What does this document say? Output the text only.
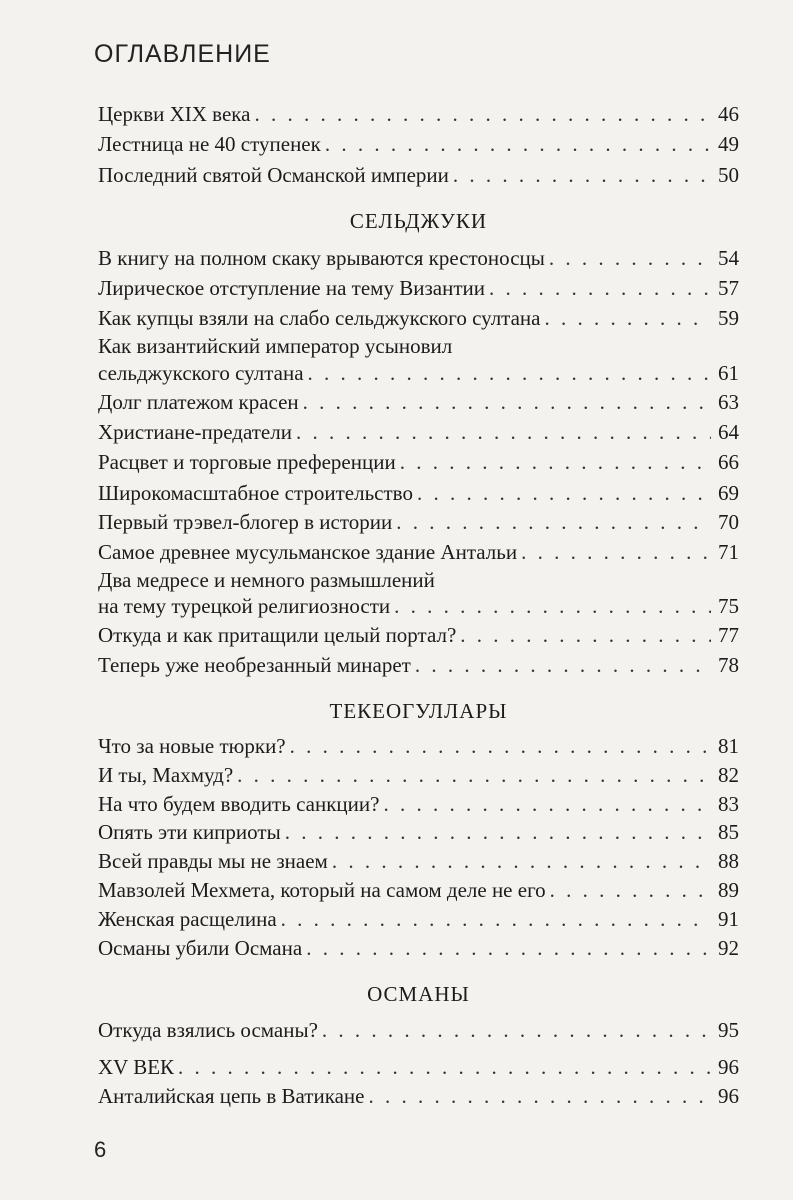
ОГЛАВЛЕНИЕ
Церкви XIX века . . .	46
Лестница не 40 ступенек . . .	49
Последний святой Османской империи . . .	50
СЕЛЬДЖУКИ
В книгу на полном скаку врываются крестоносцы . . .	54
Лирическое отступление на тему Византии . . .	57
Как купцы взяли на слабо сельджукского султана . . .	59
Как византийский император усыновил
сельджукского султана . . .	61
Долг платежом красен . . .	63
Христиане-предатели . . .	64
Расцвет и торговые преференции . . .	66
Широкомасштабное строительство . . .	69
Первый трэвел-блогер в истории . . .	70
Самое древнее мусульманское здание Антальи . . .	71
Два медресе и немного размышлений
на тему турецкой религиозности . . .	75
Откуда и как притащили целый портал? . . .	77
Теперь уже необрезанный минарет . . .	78
ТЕКЕОГУЛЛАРЫ
Что за новые тюрки? . . .	81
И ты, Махмуд? . . .	82
На что будем вводить санкции? . . .	83
Опять эти киприоты . . .	85
Всей правды мы не знаем . . .	88
Мавзолей Мехмета, который на самом деле не его . . .	89
Женская расщелина . . .	91
Османы убили Османа . . .	92
ОСМАНЫ
Откуда взялись османы? . . .	95
XV ВЕК . . .	96
Анталийская цепь в Ватикане . . .	96
6
